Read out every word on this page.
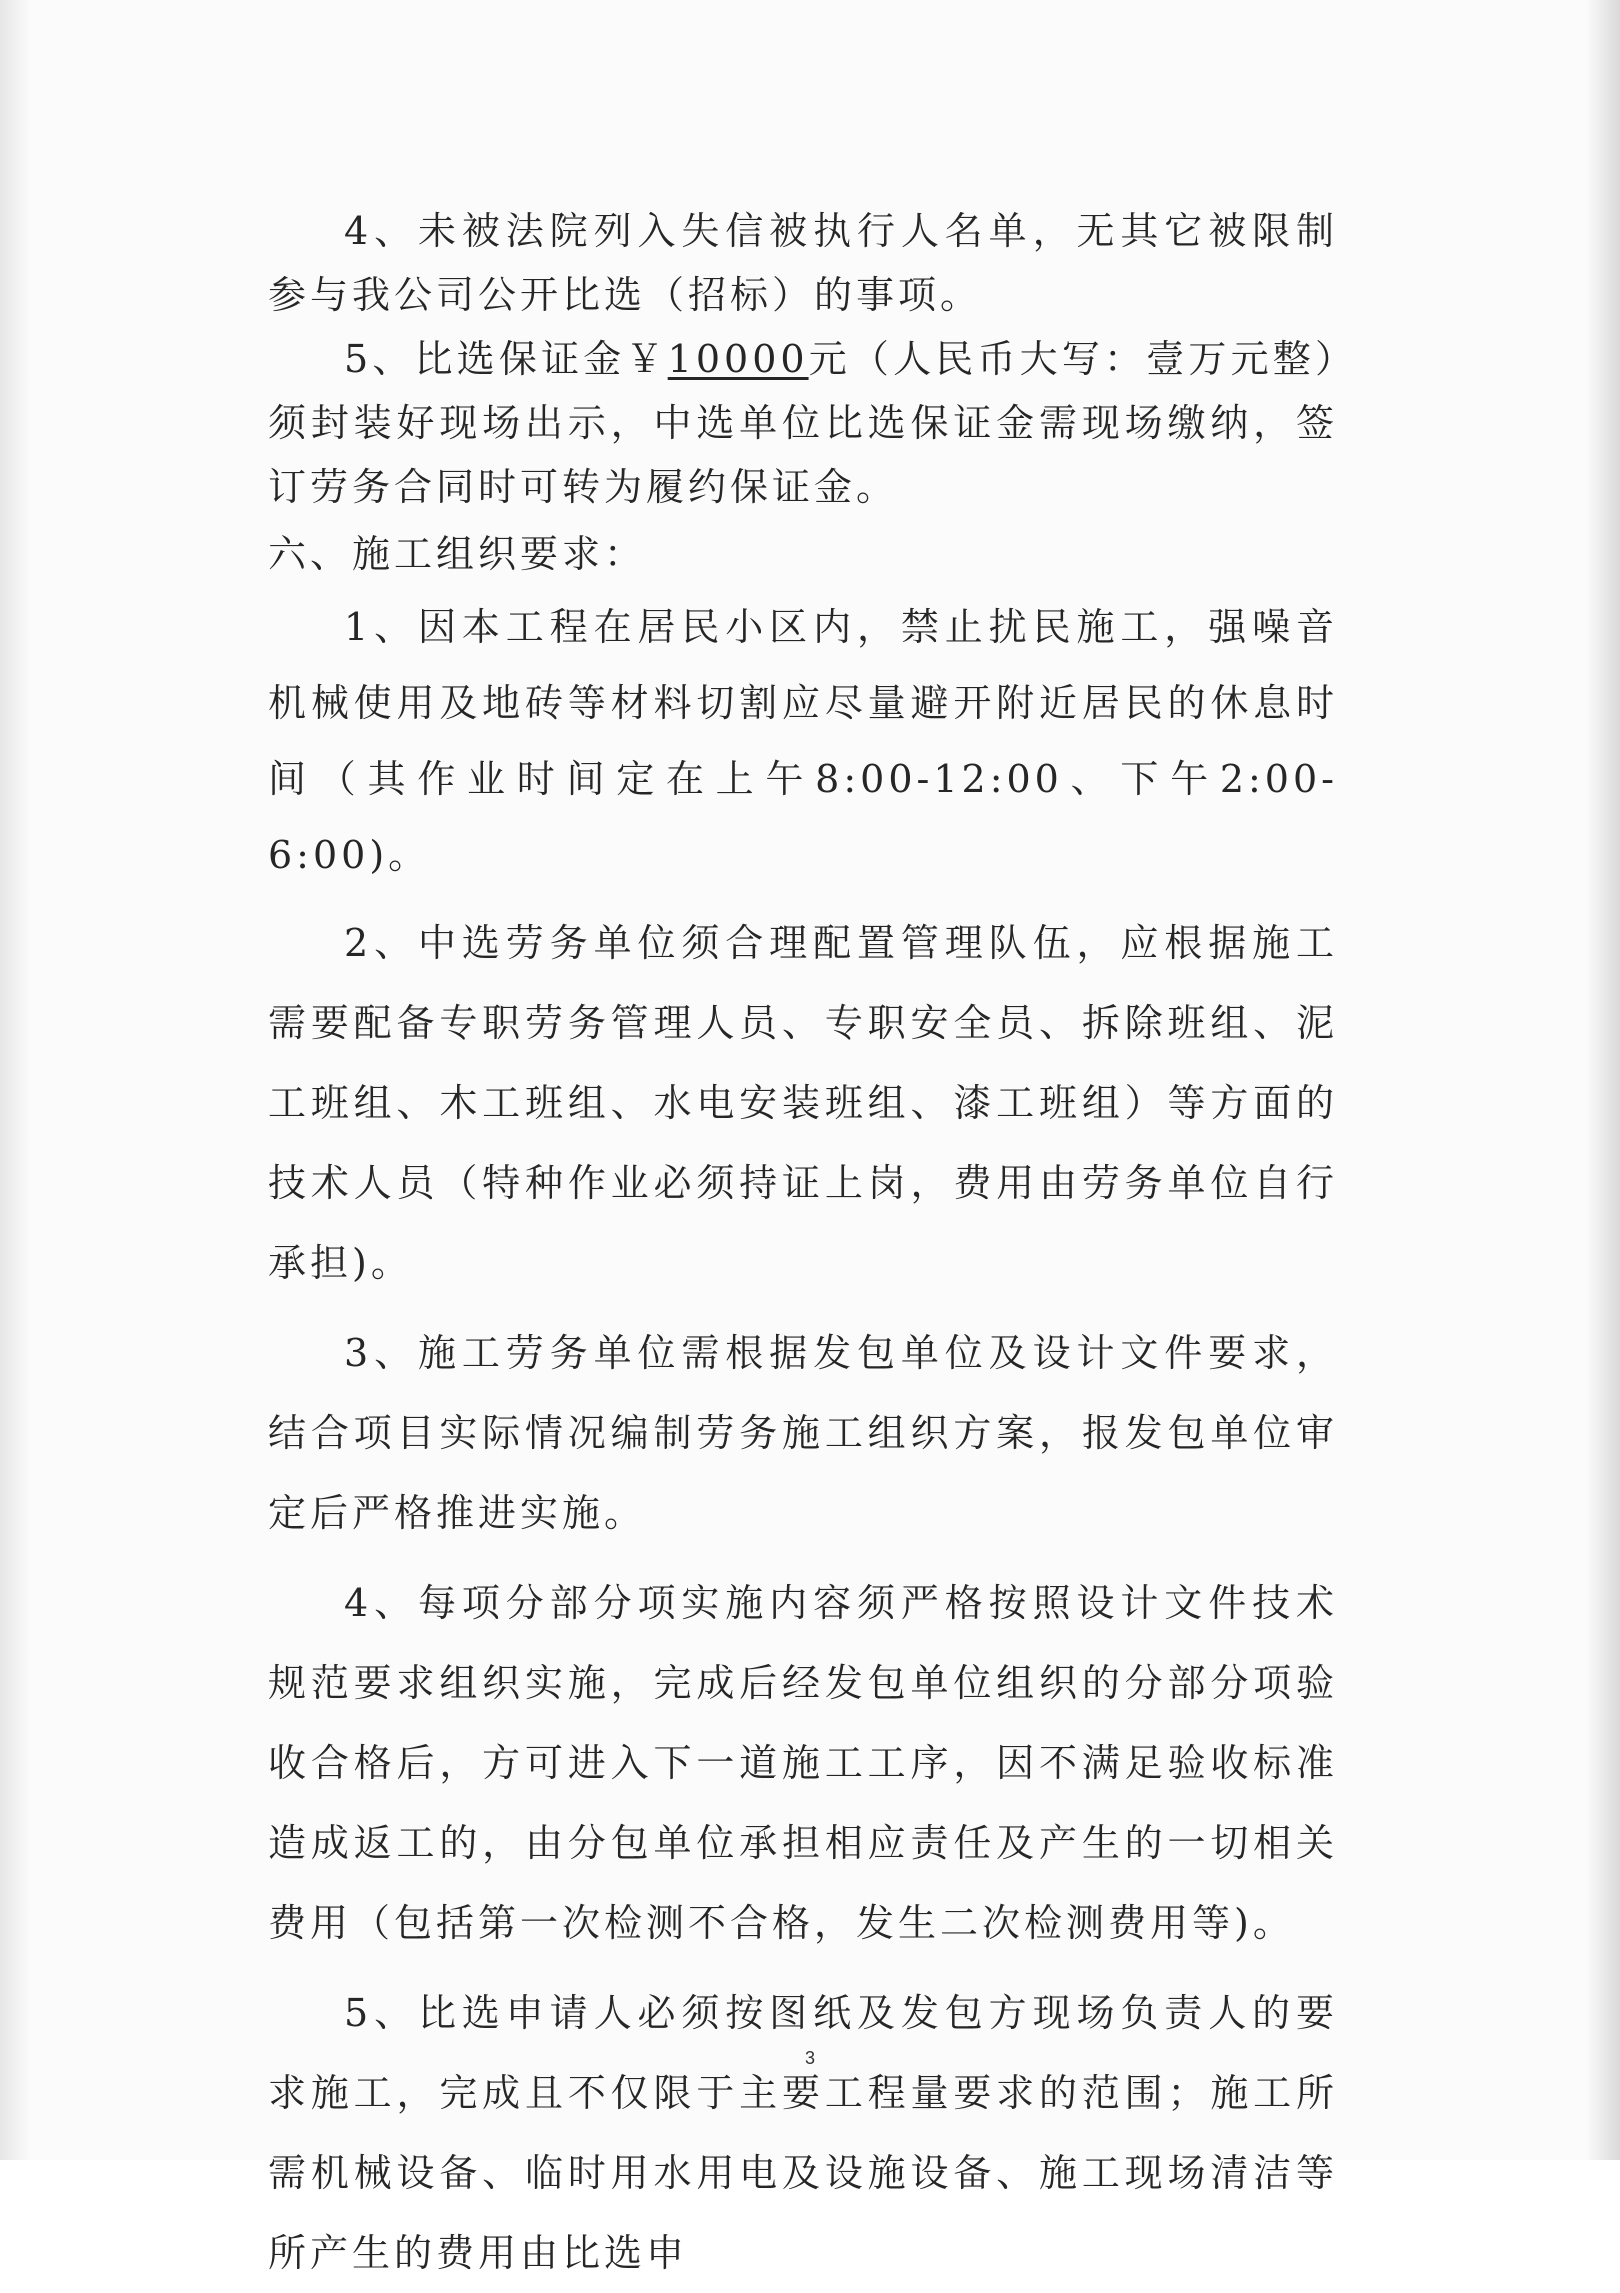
4、未被法院列入失信被执行人名单，无其它被限制参与我公司公开比选（招标）的事项。

5、比选保证金￥10000元（人民币大写：壹万元整）须封装好现场出示，中选单位比选保证金需现场缴纳，签订劳务合同时可转为履约保证金。

六、施工组织要求：

1、因本工程在居民小区内，禁止扰民施工，强噪音机械使用及地砖等材料切割应尽量避开附近居民的休息时间（其作业时间定在上午8:00-12:00、下午2:00-6:00)。

2、中选劳务单位须合理配置管理队伍，应根据施工需要配备专职劳务管理人员、专职安全员、拆除班组、泥工班组、木工班组、水电安装班组、漆工班组）等方面的技术人员（特种作业必须持证上岗，费用由劳务单位自行承担)。

3、施工劳务单位需根据发包单位及设计文件要求，结合项目实际情况编制劳务施工组织方案，报发包单位审定后严格推进实施。

4、每项分部分项实施内容须严格按照设计文件技术规范要求组织实施，完成后经发包单位组织的分部分项验收合格后，方可进入下一道施工工序，因不满足验收标准造成返工的，由分包单位承担相应责任及产生的一切相关费用（包括第一次检测不合格，发生二次检测费用等)。

5、比选申请人必须按图纸及发包方现场负责人的要求施工，完成且不仅限于主要工程量要求的范围；施工所需机械设备、临时用水用电及设施设备、施工现场清洁等所产生的费用由比选申

3
